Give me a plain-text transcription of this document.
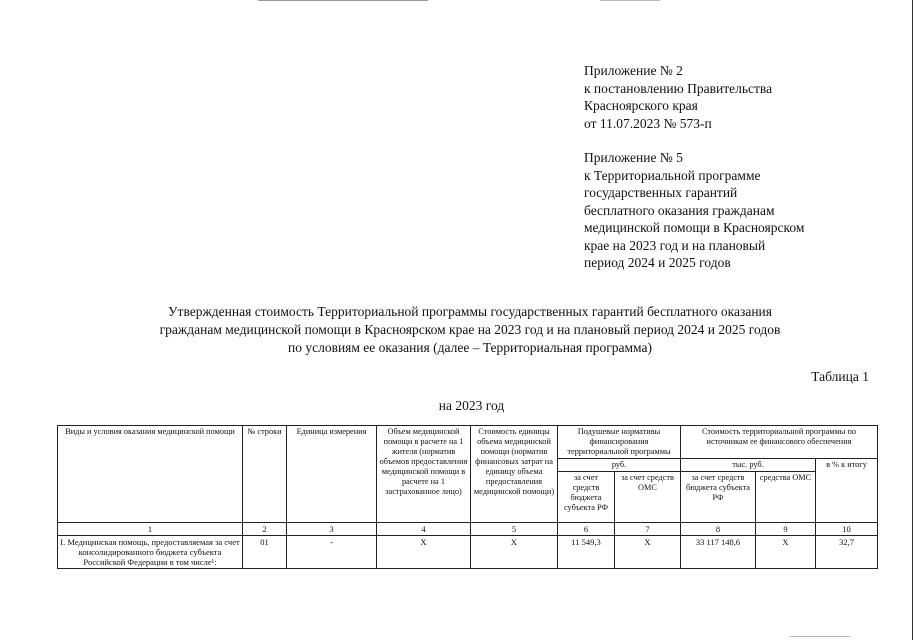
Приложение № 2
к постановлению Правительства
Красноярского края
от 11.07.2023 № 573-п
Приложение № 5
к Территориальной программе
государственных гарантий
бесплатного оказания гражданам
медицинской помощи в Красноярском
крае на 2023 год и на плановый
период 2024 и 2025 годов
Утвержденная стоимость Территориальной программы государственных гарантий бесплатного оказания
гражданам медицинской помощи в Красноярском крае на 2023 год и на плановый период 2024 и 2025 годов
по условиям ее оказания (далее – Территориальная программа)
Таблица 1
на 2023 год
Виды и условия оказания медицинской помощи	№ строки	Единица измерения	Объем медицинской помощи в расчете на 1 жителя (норматив объемов предоставления медицинской помощи в расчете на 1 застрахованное лицо)	Стоимость единицы объема медицинской помощи (норматив финансовых затрат на единицу объема предоставления медицинской помощи)	Подушевые нормативы финансирования территориальной программы		Стоимость территориальной программы по источникам ее финансового обеспечения		
					руб.		тыс. руб.		в % к итогу
					за счет средств бюджета субъекта РФ	за счет средств ОМС	за счет средств бюджета субъекта РФ	средства ОМС	
1	2	3	4	5	6	7	8	9	10
I. Медицинская помощь, предоставляемая за счет консолидированного бюджета субъекта Российской Федерации в том числе¹:	01	-	X	X	11 549,3	X	33 117 148,6	X	32,7
